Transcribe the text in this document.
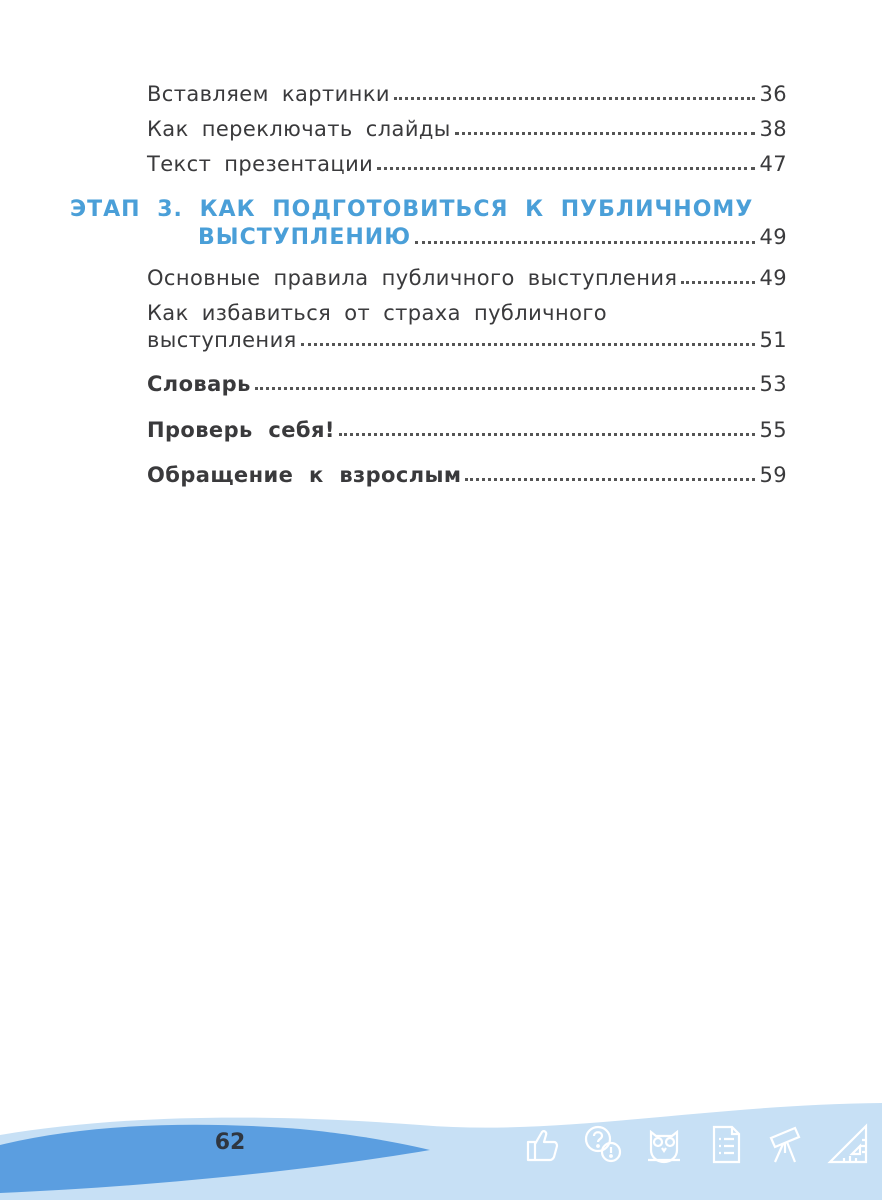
Вставляем картинки	36
Как переключать слайды	38
Текст презентации	47
ЭТАП 3. КАК ПОДГОТОВИТЬСЯ К ПУБЛИЧНОМУ
ВЫСТУПЛЕНИЮ	49
Основные правила публичного выступления	49
Как избавиться от страха публичного
выступления	51
Словарь	53
Проверь себя!	55
Обращение к взрослым	59
62
